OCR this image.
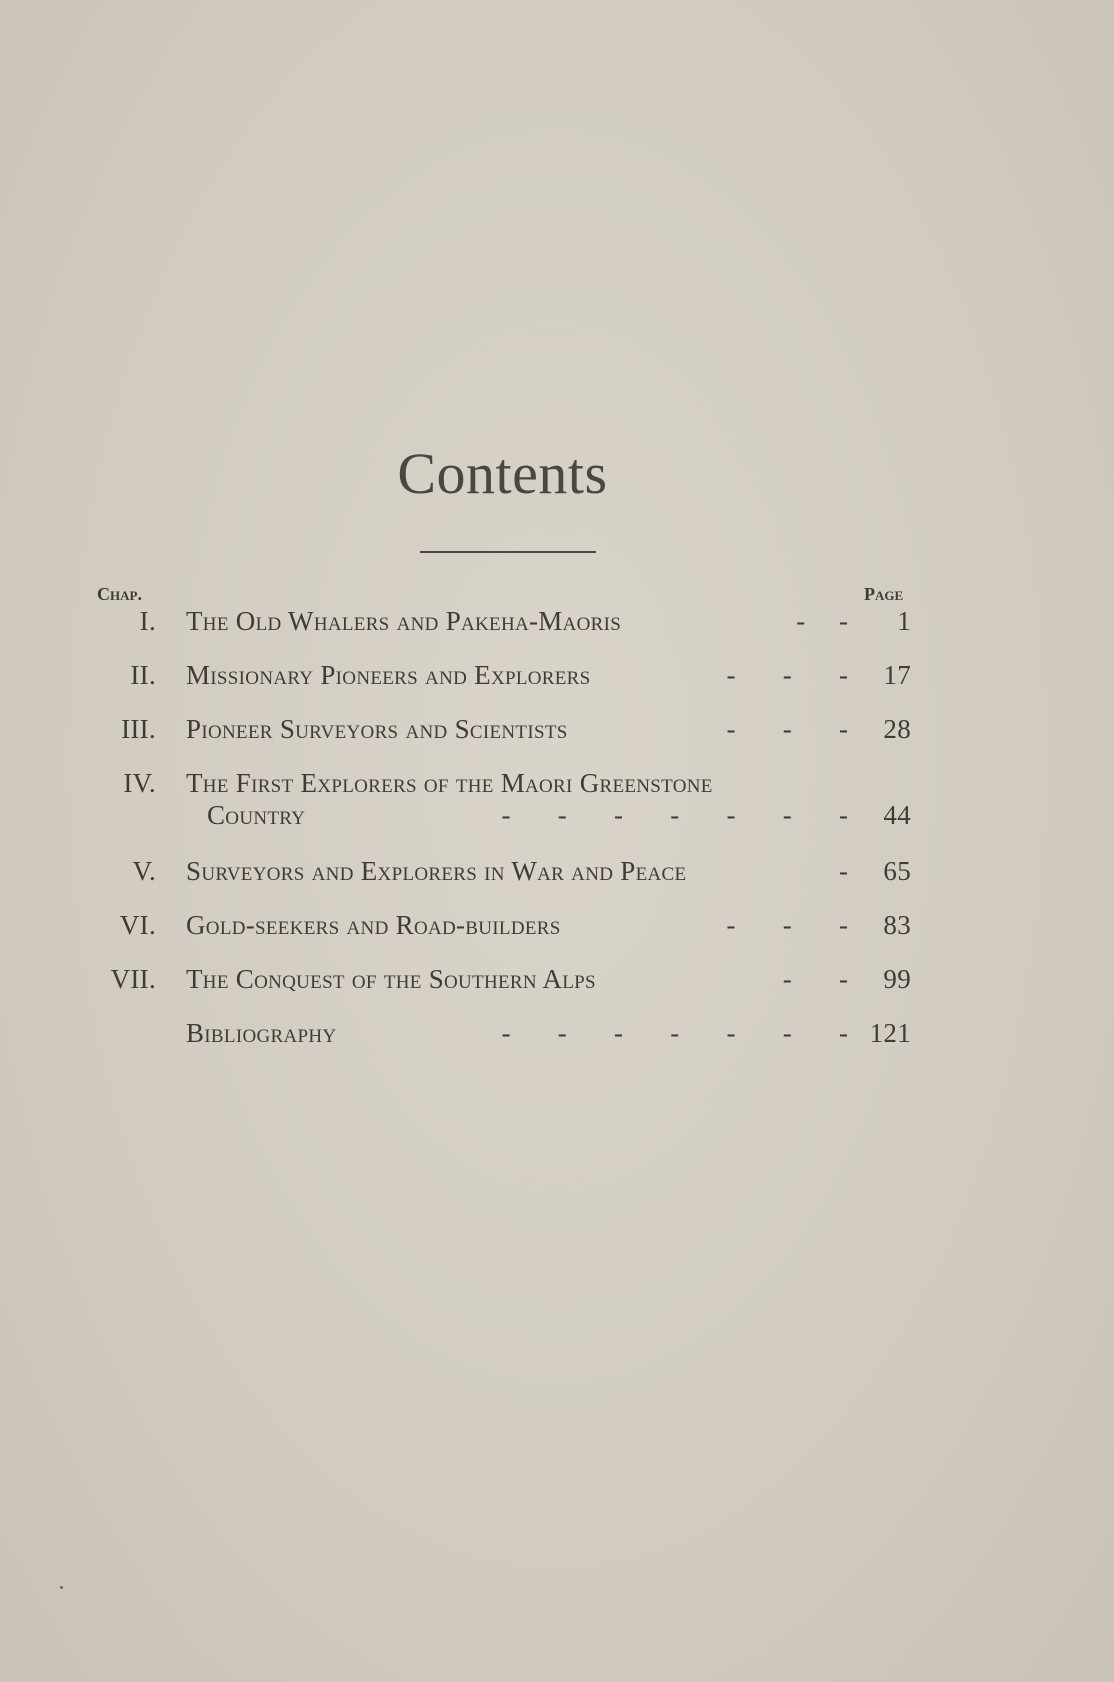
Contents
Chap.	Page
I. The Old Whalers and Pakeha-Maoris	-     - 1
II. Missionary Pioneers and Explorers	-       -       - 17
III. Pioneer Surveyors and Scientists	-       -       - 28
IV. The First Explorers of the Maori Greenstone
Country	-       -       -       -       -       -       - 44
V. Surveyors and Explorers in War and Peace	- 65
VI. Gold-seekers and Road-builders	-       -       - 83
VII. The Conquest of the Southern Alps	-       - 99
Bibliography	-       -       -       -       -       -       - 121
